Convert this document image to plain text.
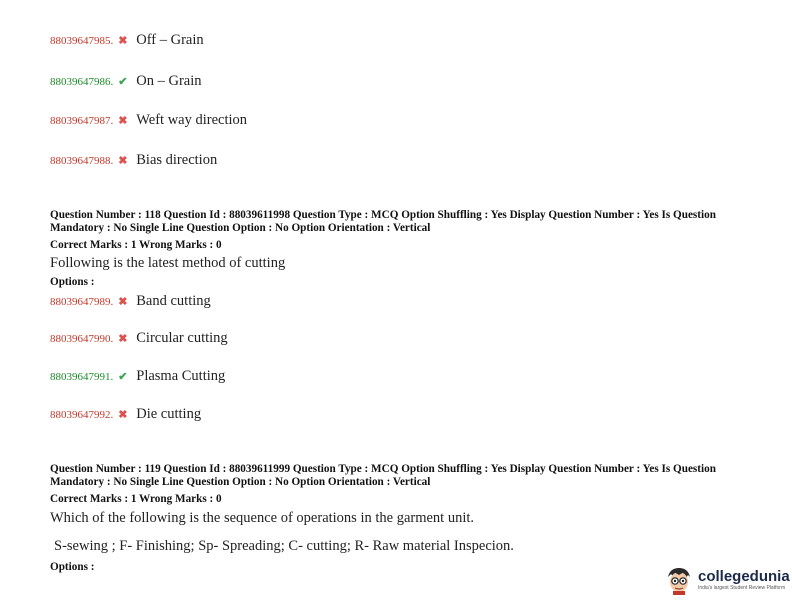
88039647985. ✖ Off – Grain
88039647986. ✔ On – Grain
88039647987. ✖ Weft way direction
88039647988. ✖ Bias direction
Question Number : 118 Question Id : 88039611998 Question Type : MCQ Option Shuffling : Yes Display Question Number : Yes Is Question Mandatory : No Single Line Question Option : No Option Orientation : Vertical
Correct Marks : 1 Wrong Marks : 0
Following is the latest method of cutting
Options :
88039647989. ✖ Band cutting
88039647990. ✖ Circular cutting
88039647991. ✔ Plasma Cutting
88039647992. ✖ Die cutting
Question Number : 119 Question Id : 88039611999 Question Type : MCQ Option Shuffling : Yes Display Question Number : Yes Is Question Mandatory : No Single Line Question Option : No Option Orientation : Vertical
Correct Marks : 1 Wrong Marks : 0
Which of the following is the sequence of operations in the garment unit.
S-sewing ; F- Finishing; Sp- Spreading; C- cutting; R- Raw material Inspecion.
Options :
collegedunia
India's largest Student Review Platform
